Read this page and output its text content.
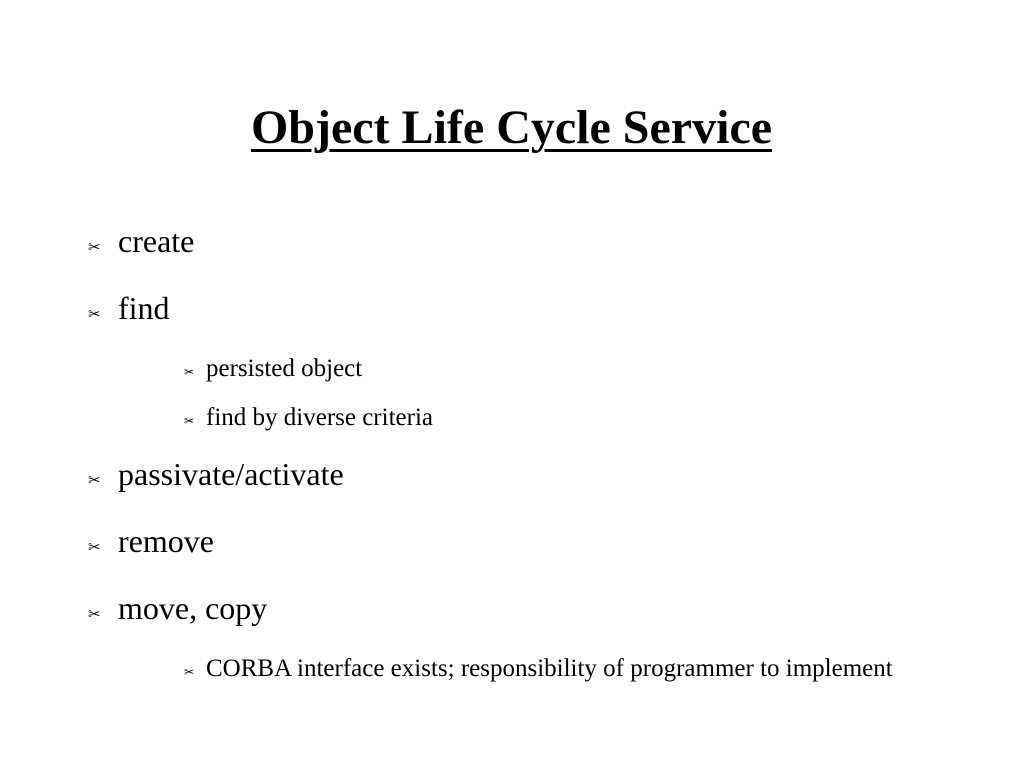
Object Life Cycle Service
✂ create
✂ find
✂ persisted object
✂ find by diverse criteria
✂ passivate/activate
✂ remove
✂ move, copy
✂ CORBA interface exists; responsibility of programmer to implement
